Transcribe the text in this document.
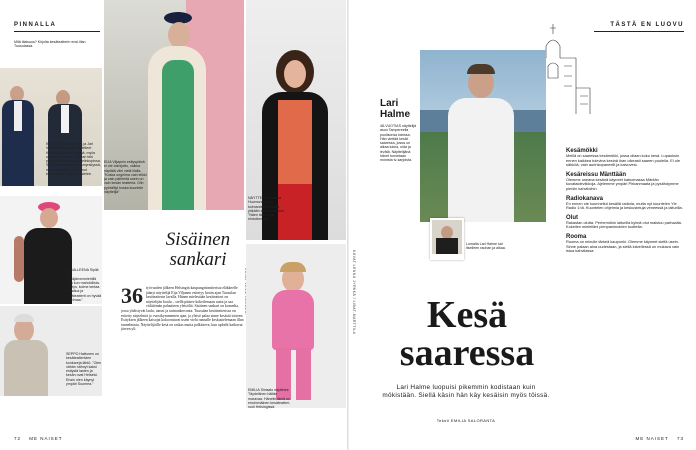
PINNALLA
Mitä tilaisuus? Kirjoita kesäteatterin ensi-illan Tuusulassa.
KALLE Tekoälärit (oik.) ja Jari Vahtimäkiällä ovat näytelleet Krapilla monena kesänä, myös ukkosmyrskyssä. "Kerran teki pitkän kohtauksen puhelinkopissa. Se oli alkeminen ukkosmyrskyssä, mutta esitystä ei tarvinnut keskeyttää", Kalle muistelee.
EIJA Viljapelo esityspäivä ei ole toimijottu, vaikka näyttää vilei vielä illalla. "Koska ongelma vain leikki ja vain päihteitä usein on vain kesän teatteria. Olin pyöräillyt koska kuuntele näyttelijä"
ANNA-LEENA Sipilä käy Pyhäjärvenmiehillä aina kun mahdollista. "Esitys, kolme kertaa vierailua ja kesäteatterit on hyvää ohjelmaa."
SEPPO Hattunen on kesäteatterivien konkareja lähtö. "Olen vähän nähnyt kaksi esitystä lasten ja kesän ovat Helsinki. Ensin olen käynyt ympäri Suomea."
Sisäinen
sankari
36 työvuoden jälkeen Helsingin kaupunginteatterista eläkkeelle jäänyt näyttelijä Eija Viljanen esiintyy kesän ajan Tuusulan kesäteatterin lavalla. Hänen mielestään kesäteatteri on näyttelijän koulu – siellä pääsee kokeilemaan uutta ja saa välittömän palautteen yleisöltä. Sisäinen sankari on komedia, jossa yhdistyvät laulu, tanssi ja tarinankerronta. Tuusulan kesäteatterissa on esitetty näytelmiä jo vuosikymmenten ajan, ja yleisö palaa sinne kesästä toiseen. Esityksen jälkeen katsojat kokoontuvat usein vielä rannalle keskustelemaan illan tunnelmista. Näyttelijöille kesä on raskas mutta palkitseva, kun aplodit kaikuvat järven yli.
NÄYTTELIJÄ Marika Huomonin tekee kolmantena kesänä pitkään kesätuotannon. "Näen tätä työtä ehdottomasti."
EMILIA Sinisalo näyttelee Täydellinen häitän maravaa. Hänelle tämä on ensimmäinen kesäteatteri-rooli Helsingissä.
72 ME NAISET
TÄSTÄ EN LUOVU
KUVAT LENNU JYRKKÄ / LIBAT-MARTTILA
Lari
Halme
48-VUOTIAS näyttelijä asuu Tampereella puolisonsa kanssa. Hän viettää kesät saaressa, jossa on aikaa lukea, uida ja levätä. Näyttelijänä hänet tunnetaan monista tv-sarjoista.
Lomalla Lari Halme sai itselleen rauhan ja aikaa.
Kesä
saaressa
Lari Halme luopuisi pikemmin kodistaan kuin mökistään. Siellä käsin hän käy kesäisin myös töissä.
Teksti EMILIA SALORANTA
Kesämökki
Meillä on saaressa kesämökki, jossa ollaan koko kesä. Lupauksin ennen kaikkea tulevina kesinä ihan oikeasti saaren puolella. Ei ole sähköä, vain aurinkopaneelit ja kaivovesi.
Kesäreissu Mänttään
Olemme useana kesänä käyneet katsomassa Mäntän kuvataideviikkoja. Ajelemme ympäri Pirkanmaata ja pysähdymme pieniin kahviloihin.
Radiokanava
En ennen ole kuunnellut kesällä radiota, mutta nyt kuuntelen Yle Radio 1:tä. Kuuntelen ohjelmia ja keskusteluja veneessä ja laiturilla.
Olut
Rakastan olutta. Perhemökin laiturilla kylmä olut maistuu parhaalta. Kokeilen mielelläni pienpanimoiden tuotteita.
Rooma
Rooma on minulle tärkeä kaupunki. Olemme käyneet siellä usein. Sinne palaan aina uudestaan, ja siellä kävellessä on mukava vain istua kahvilassa.
ME NAISET 73
